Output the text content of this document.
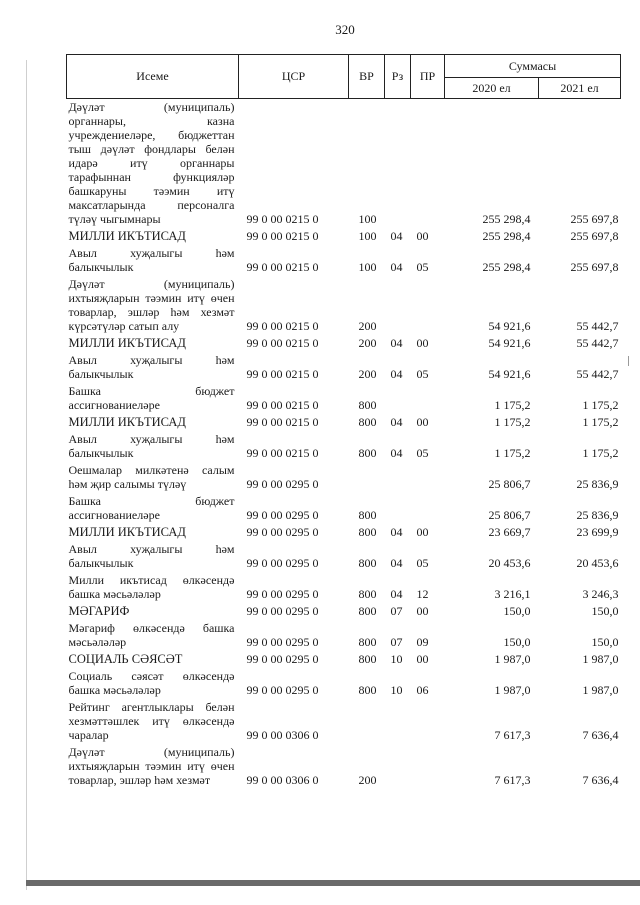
320
Исеме	ЦСР	ВР	Рз	ПР	Суммасы	
					2020 ел	2021 ел
Дәүләт (муниципаль) органнары, казна учреждениеләре, бюджеттан тыш дәүләт фондлары белән идарә итү органнары тарафыннан функцияләр башкаруны тәэмин итү максатларында персоналга түләү чыгымнары	99 0 00 0215 0	100			255 298,4	255 697,8
МИЛЛИ ИКЪТИСАД	99 0 00 0215 0	100	04	00	255 298,4	255 697,8
Авыл хуҗалыгы һәм балыкчылык	99 0 00 0215 0	100	04	05	255 298,4	255 697,8
Дәүләт (муниципаль) ихтыяҗларын тәэмин итү өчен товарлар, эшләр һәм хезмәт күрсәтүләр сатып алу	99 0 00 0215 0	200			54 921,6	55 442,7
МИЛЛИ ИКЪТИСАД	99 0 00 0215 0	200	04	00	54 921,6	55 442,7
Авыл хуҗалыгы һәм балыкчылык	99 0 00 0215 0	200	04	05	54 921,6	55 442,7
Башка бюджет ассигнованиеләре	99 0 00 0215 0	800			1 175,2	1 175,2
МИЛЛИ ИКЪТИСАД	99 0 00 0215 0	800	04	00	1 175,2	1 175,2
Авыл хуҗалыгы һәм балыкчылык	99 0 00 0215 0	800	04	05	1 175,2	1 175,2
Оешмалар милкәтенә салым һәм җир салымы түләү	99 0 00 0295 0				25 806,7	25 836,9
Башка бюджет ассигнованиеләре	99 0 00 0295 0	800			25 806,7	25 836,9
МИЛЛИ ИКЪТИСАД	99 0 00 0295 0	800	04	00	23 669,7	23 699,9
Авыл хуҗалыгы һәм балыкчылык	99 0 00 0295 0	800	04	05	20 453,6	20 453,6
Милли икътисад өлкәсендә башка мәсьәләләр	99 0 00 0295 0	800	04	12	3 216,1	3 246,3
МӘГАРИФ	99 0 00 0295 0	800	07	00	150,0	150,0
Мәгариф өлкәсендә башка мәсьәләләр	99 0 00 0295 0	800	07	09	150,0	150,0
СОЦИАЛЬ СӘЯСӘТ	99 0 00 0295 0	800	10	00	1 987,0	1 987,0
Социаль сәясәт өлкәсендә башка мәсьәләләр	99 0 00 0295 0	800	10	06	1 987,0	1 987,0
Рейтинг агентлыклары белән хезмәттәшлек итү өлкәсендә чаралар	99 0 00 0306 0				7 617,3	7 636,4
Дәүләт (муниципаль) ихтыяҗларын тәэмин итү өчен товарлар, эшләр һәм хезмәт	99 0 00 0306 0	200			7 617,3	7 636,4
